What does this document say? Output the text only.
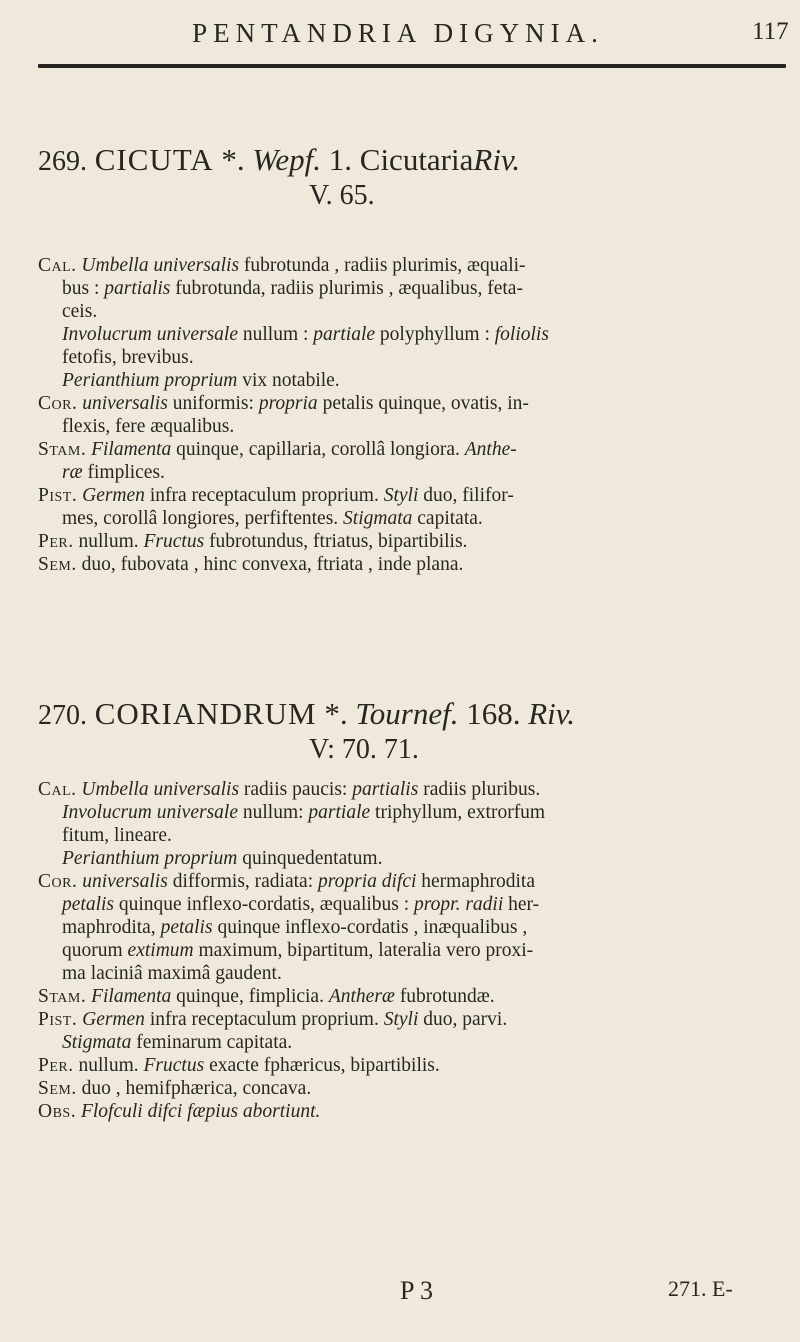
PENTANDRIA DIGYNIA.	117
269. CICUTA *. Wepf. 1. CicutariaRiv.
V. 65.
Cal. Umbella universalis fubrotunda , radiis plurimis, æquali-
bus : partialis fubrotunda, radiis plurimis , æqualibus, feta-
ceis.
Involucrum universale nullum : partiale polyphyllum : foliolis
fetofis, brevibus.
Perianthium proprium vix notabile.
Cor. universalis uniformis: propria petalis quinque, ovatis, in-
flexis, fere æqualibus.
Stam. Filamenta quinque, capillaria, corollâ longiora. Anthe-
ræ fimplices.
Pist. Germen infra receptaculum proprium. Styli duo, filifor-
mes, corollâ longiores, perfiftentes. Stigmata capitata.
Per. nullum. Fructus fubrotundus, ftriatus, bipartibilis.
Sem. duo, fubovata , hinc convexa, ftriata , inde plana.
270. CORIANDRUM *. Tournef. 168. Riv.
V: 70. 71.
Cal. Umbella universalis radiis paucis: partialis radiis pluribus.
Involucrum universale nullum: partiale triphyllum, extrorfum
fitum, lineare.
Perianthium proprium quinquedentatum.
Cor. universalis difformis, radiata: propria difci hermaphrodita
petalis quinque inflexo-cordatis, æqualibus : propr. radii her-
maphrodita, petalis quinque inflexo-cordatis , inæqualibus ,
quorum extimum maximum, bipartitum, lateralia vero proxi-
ma laciniâ maximâ gaudent.
Stam. Filamenta quinque, fimplicia. Antheræ fubrotundæ.
Pist. Germen infra receptaculum proprium. Styli duo, parvi.
Stigmata feminarum capitata.
Per. nullum. Fructus exacte fphæricus, bipartibilis.
Sem. duo , hemifphærica, concava.
Obs. Flofculi difci fæpius abortiunt.
P 3	271. E-
